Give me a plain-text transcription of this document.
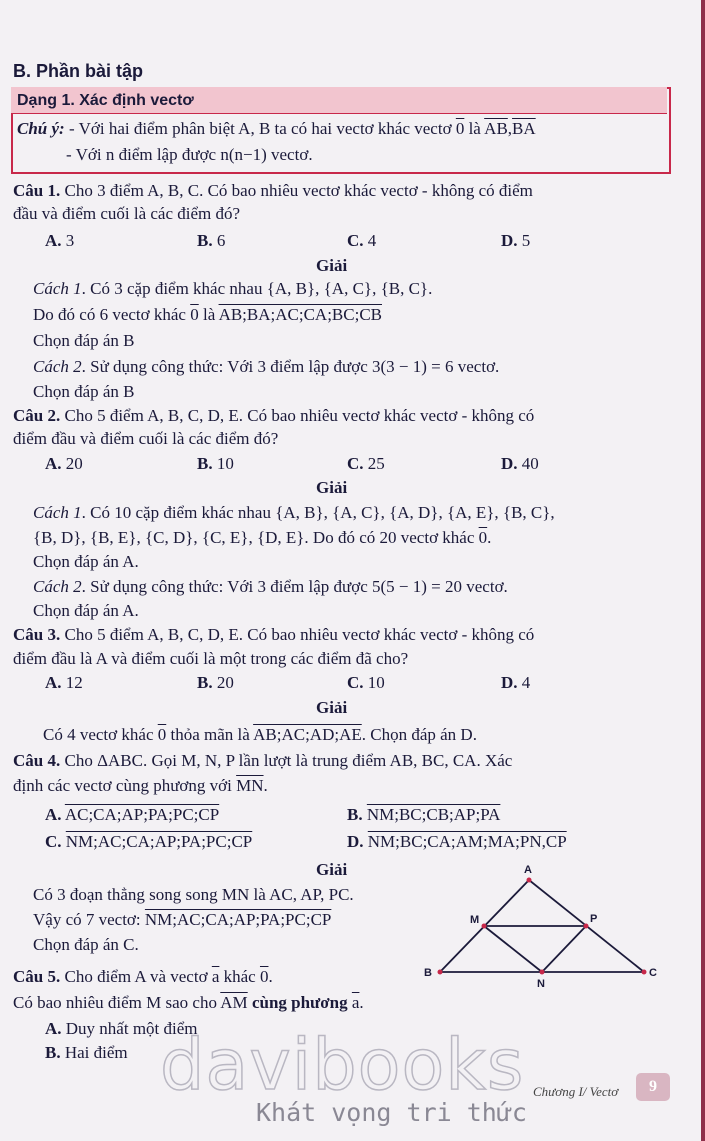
B. Phần bài tập
Dạng 1. Xác định vectơ
Chú ý: - Với hai điểm phân biệt A, B ta có hai vectơ khác vectơ 0 là $\overline{AB},\overline{BA}$
- Với n điểm lập được n(n−1) vectơ.
Câu 1. Cho 3 điểm A, B, C. Có bao nhiêu vectơ khác vectơ - không có điểm
đầu và điểm cuối là các điểm đó?
A. 3	B. 6	C. 4	D. 5
Giải
Cách 1. Có 3 cặp điểm khác nhau {A, B}, {A, C}, {B, C}.
Do đó có 6 vectơ khác 0 là AB;BA;AC;CA;BC;CB
Chọn đáp án B
Cách 2. Sử dụng công thức: Với 3 điểm lập được 3(3 − 1) = 6 vectơ.
Chọn đáp án B
Câu 2. Cho 5 điểm A, B, C, D, E. Có bao nhiêu vectơ khác vectơ - không có
điểm đầu và điểm cuối là các điểm đó?
A. 20	B. 10	C. 25	D. 40
Giải
Cách 1. Có 10 cặp điểm khác nhau {A, B}, {A, C}, {A, D}, {A, E}, {B, C},
{B, D}, {B, E}, {C, D}, {C, E}, {D, E}. Do đó có 20 vectơ khác 0.
Chọn đáp án A.
Cách 2. Sử dụng công thức: Với 3 điểm lập được 5(5 − 1) = 20 vectơ.
Chọn đáp án A.
Câu 3. Cho 5 điểm A, B, C, D, E. Có bao nhiêu vectơ khác vectơ - không có
điểm đầu là A và điểm cuối là một trong các điểm đã cho?
A. 12	B. 20	C. 10	D. 4
Giải
Có 4 vectơ khác 0 thỏa mãn là AB;AC;AD;AE. Chọn đáp án D.
Câu 4. Cho ΔABC. Gọi M, N, P lần lượt là trung điểm AB, BC, CA. Xác
định các vectơ cùng phương với $\overline{MN}$.
A. AC;CA;AP;PA;PC;CP	B. NM;BC;CB;AP;PA
C. NM;AC;CA;AP;PA;PC;CP	D. NM;BC;CA;AM;MA;PN,CP
Giải
Có 3 đoạn thẳng song song MN là AC, AP, PC.
Vậy có 7 vectơ: NM;AC;CA;AP;PA;PC;CP
Chọn đáp án C.
A
B	C
M	P
N
Câu 5. Cho điểm A và vectơ $\overline{a}$ khác 0.
Có bao nhiêu điểm M sao cho $\overline{AM}$ cùng phương $\overline{a}$.
A. Duy nhất một điểm
B. Hai điểm davibooks
Khát vọng tri thức
Chương I/ Vectơ	9
